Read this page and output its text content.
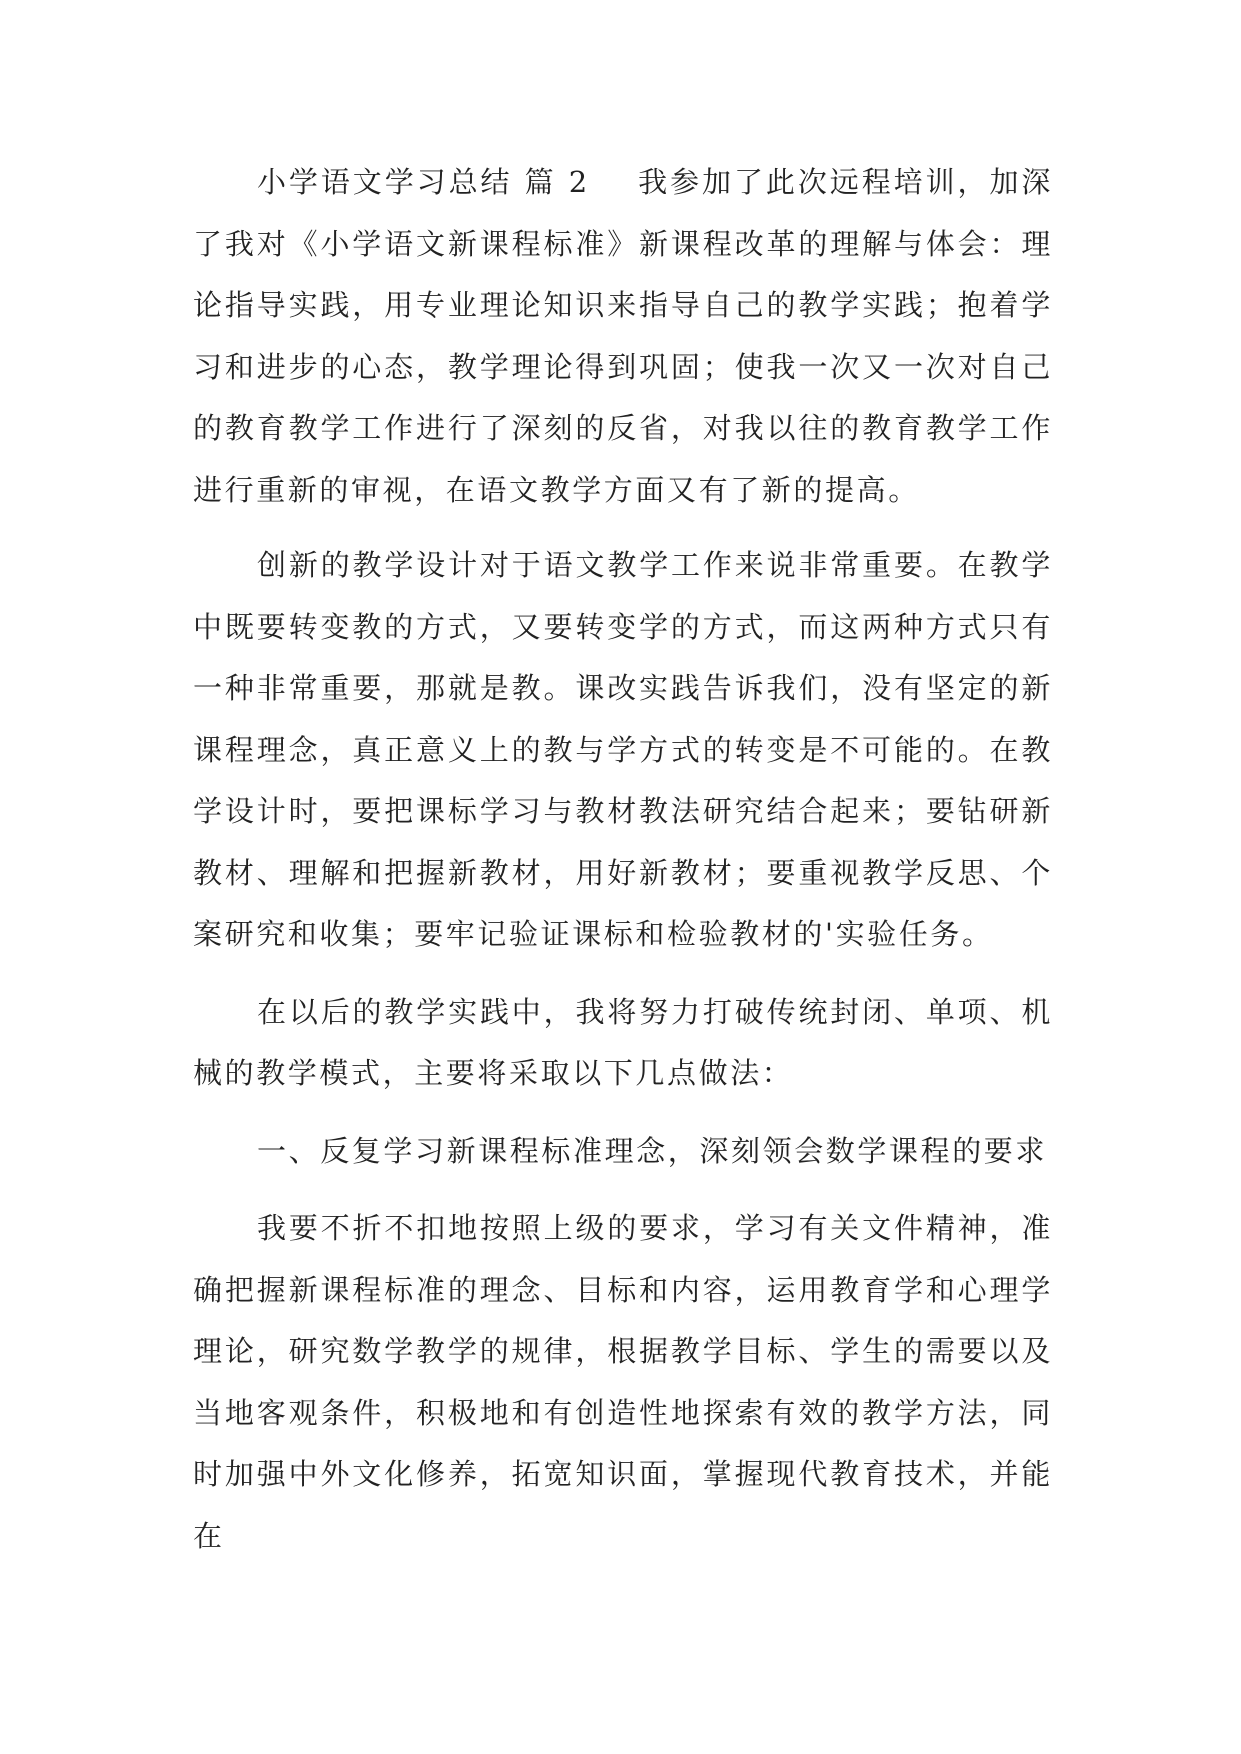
小学语文学习总结 篇 2 我参加了此次远程培训，加深了我对《小学语文新课程标准》新课程改革的理解与体会：理论指导实践，用专业理论知识来指导自己的教学实践；抱着学习和进步的心态，教学理论得到巩固；使我一次又一次对自己的教育教学工作进行了深刻的反省，对我以往的教育教学工作进行重新的审视，在语文教学方面又有了新的提高。

创新的教学设计对于语文教学工作来说非常重要。在教学中既要转变教的方式，又要转变学的方式，而这两种方式只有一种非常重要，那就是教。课改实践告诉我们，没有坚定的新课程理念，真正意义上的教与学方式的转变是不可能的。在教学设计时，要把课标学习与教材教法研究结合起来；要钻研新教材、理解和把握新教材，用好新教材；要重视教学反思、个案研究和收集；要牢记验证课标和检验教材的'实验任务。

在以后的教学实践中，我将努力打破传统封闭、单项、机械的教学模式，主要将采取以下几点做法：

一、反复学习新课程标准理念，深刻领会数学课程的要求

我要不折不扣地按照上级的要求，学习有关文件精神，准确把握新课程标准的理念、目标和内容，运用教育学和心理学理论，研究数学教学的规律，根据教学目标、学生的需要以及当地客观条件，积极地和有创造性地探索有效的教学方法，同时加强中外文化修养，拓宽知识面，掌握现代教育技术，并能在
